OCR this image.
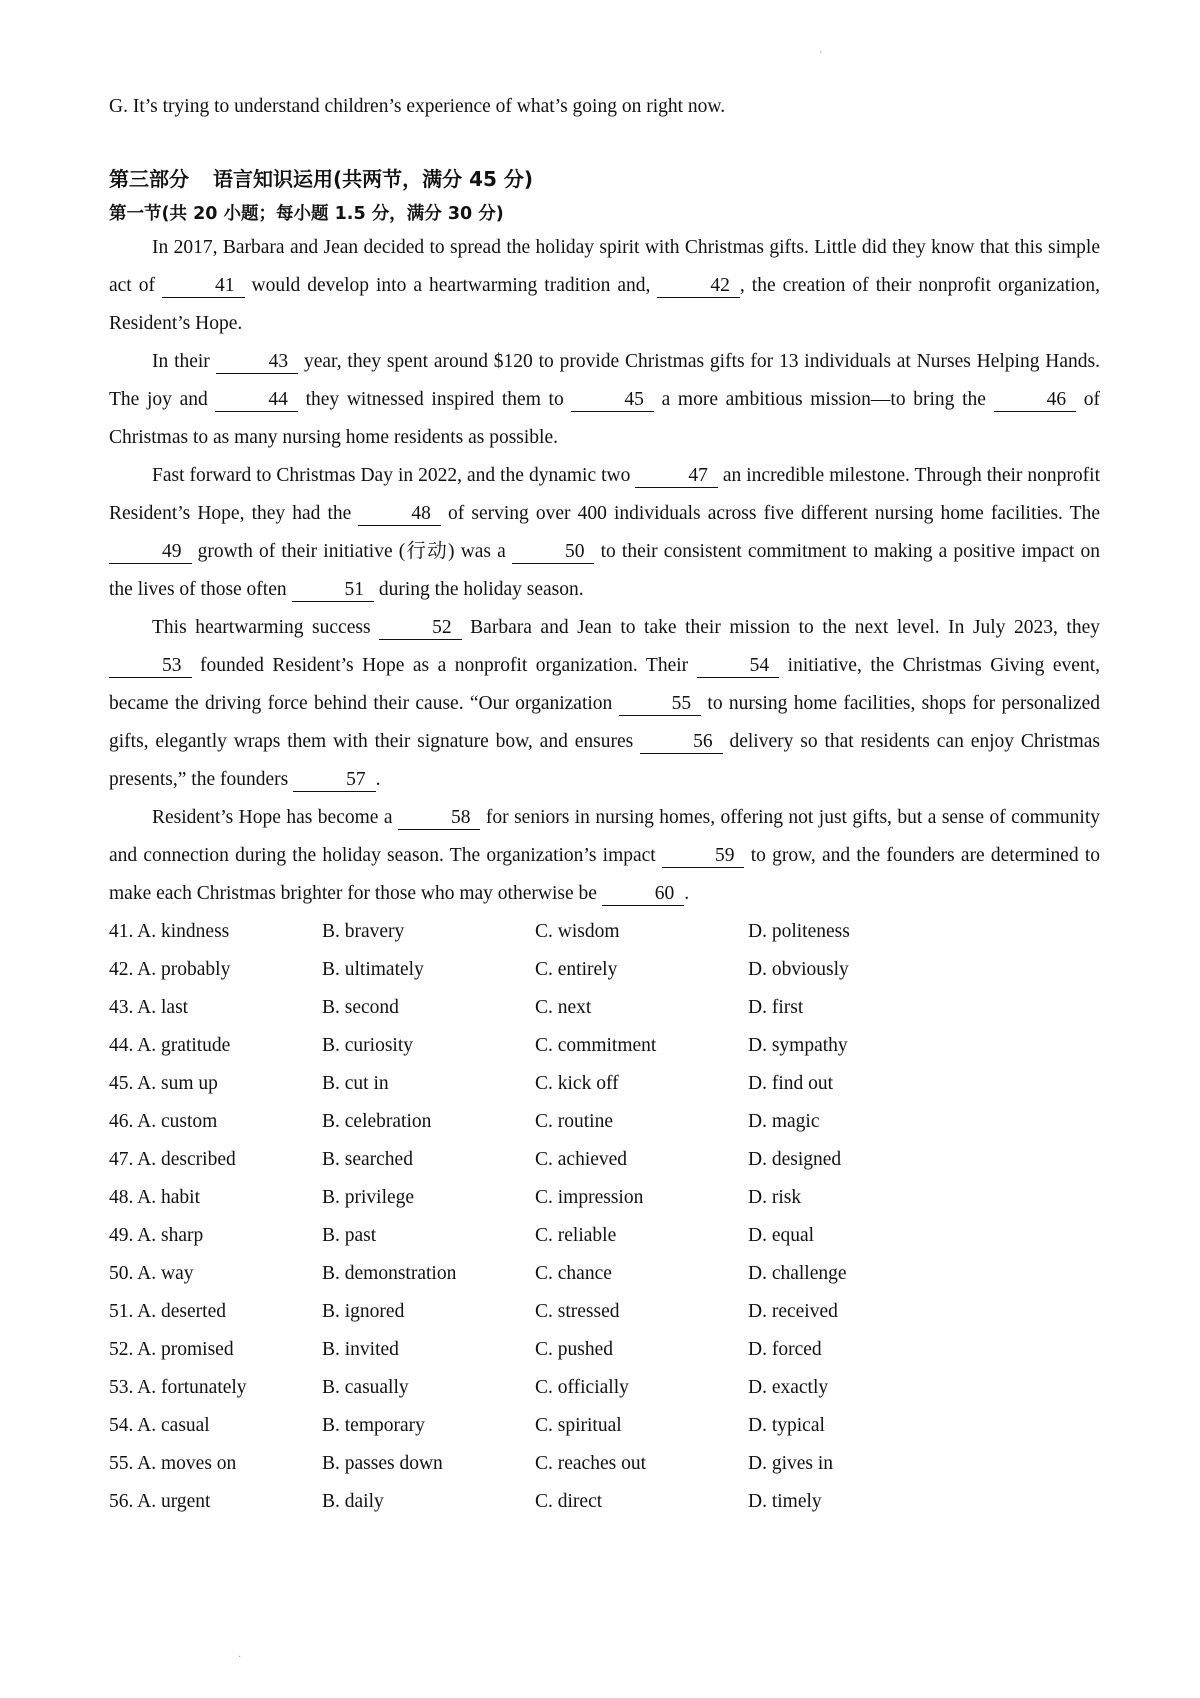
'
·

G. It’s trying to understand children’s experience of what’s going on right now.

第三部分 语言知识运用(共两节，满分 45 分)
第一节(共 20 小题；每小题 1.5 分，满分 30 分)

In 2017, Barbara and Jean decided to spread the holiday spirit with Christmas gifts. Little did they know that this simple act of	41 would develop into a heartwarming tradition and,	42 , the creation of their nonprofit organization, Resident’s Hope.

In their	43 year, they spent around $120 to provide Christmas gifts for 13 individuals at Nurses Helping Hands. The joy and	44 they witnessed inspired them to	45 a more ambitious mission—to bring the	46 of Christmas to as many nursing home residents as possible.

Fast forward to Christmas Day in 2022, and the dynamic two	47 an incredible milestone. Through their nonprofit Resident’s Hope, they had the	48 of serving over 400 individuals across five different nursing home facilities. The 49 growth of their initiative (行动) was a	50 to their consistent commitment to making a positive impact on the lives of those often	51 during the holiday season.

This heartwarming success	52 Barbara and Jean to take their mission to the next level. In July 2023, they 53 founded Resident’s Hope as a nonprofit organization. Their	54 initiative, the Christmas Giving event, became the driving force behind their cause. “Our organization	55 to nursing home facilities, shops for personalized gifts, elegantly wraps them with their signature bow, and ensures	56 delivery so that residents can enjoy Christmas presents,” the founders	57 .

Resident’s Hope has become a	58 for seniors in nursing homes, offering not just gifts, but a sense of community and connection during the holiday season. The organization’s impact	59 to grow, and the founders are determined to make each Christmas brighter for those who may otherwise be	60 .

41. A. kindness	B. bravery	C. wisdom	D. politeness
42. A. probably	B. ultimately	C. entirely	D. obviously
43. A. last	B. second	C. next	D. first
44. A. gratitude	B. curiosity	C. commitment	D. sympathy
45. A. sum up	B. cut in	C. kick off	D. find out
46. A. custom	B. celebration	C. routine	D. magic
47. A. described	B. searched	C. achieved	D. designed
48. A. habit	B. privilege	C. impression	D. risk
49. A. sharp	B. past	C. reliable	D. equal
50. A. way	B. demonstration	C. chance	D. challenge
51. A. deserted	B. ignored	C. stressed	D. received
52. A. promised	B. invited	C. pushed	D. forced
53. A. fortunately	B. casually	C. officially	D. exactly
54. A. casual	B. temporary	C. spiritual	D. typical
55. A. moves on	B. passes down	C. reaches out	D. gives in
56. A. urgent	B. daily	C. direct	D. timely
